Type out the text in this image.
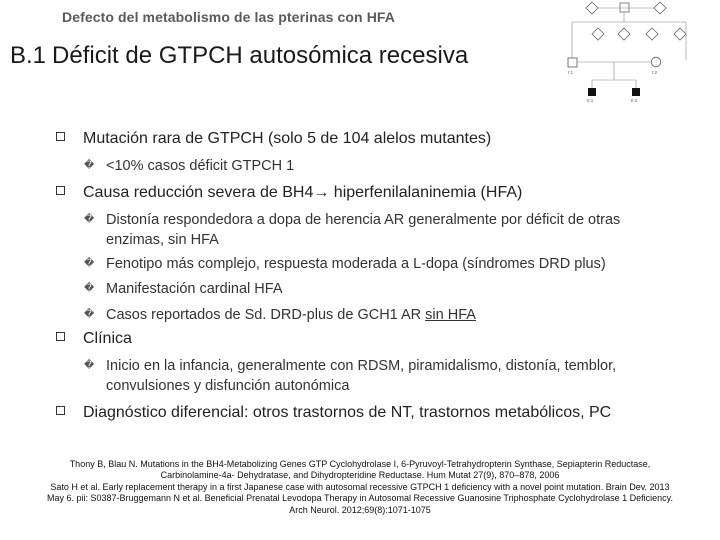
Defecto del metabolismo de las pterinas con HFA
B.1 Déficit de GTPCH autosómica recesiva
I:1	I:2
II:1	II:2
Mutación rara de GTPCH (solo 5 de 104 alelos mutantes)
� <10% casos déficit GTPCH 1
Causa reducción severa de BH4→ hiperfenilalaninemia (HFA)
� Distonía respondedora a dopa de herencia AR generalmente por déficit de otras
enzimas, sin HFA
� Fenotipo más complejo, respuesta moderada a L-dopa (síndromes DRD plus)
� Manifestación cardinal HFA
� Casos reportados de Sd. DRD-plus de GCH1 AR sin HFA
Clínica
� Inicio en la infancia, generalmente con RDSM, piramidalismo, distonía, temblor,
convulsiones y disfunción autonómica
Diagnóstico diferencial: otros trastornos de NT, trastornos metabólicos, PC
Thony B, Blau N. Mutations in the BH4-Metabolizing Genes GTP Cyclohydrolase I, 6-Pyruvoyl-Tetrahydropterin Synthase, Sepiapterin Reductase,
Carbinolamine-4a- Dehydratase, and Dihydropteridine Reductase. Hum Mutat 27(9), 870–878, 2006
Sato H et al. Early replacement therapy in a first Japanese case with autosomal recessive GTPCH 1 deficiency with a novel point mutation. Brain Dev. 2013
May 6. pii: S0387-Bruggemann N et al. Beneficial Prenatal Levodopa Therapy in Autosomal Recessive Guanosine Triphosphate Cyclohydrolase 1 Deficiency.
Arch Neurol. 2012;69(8):1071-1075
